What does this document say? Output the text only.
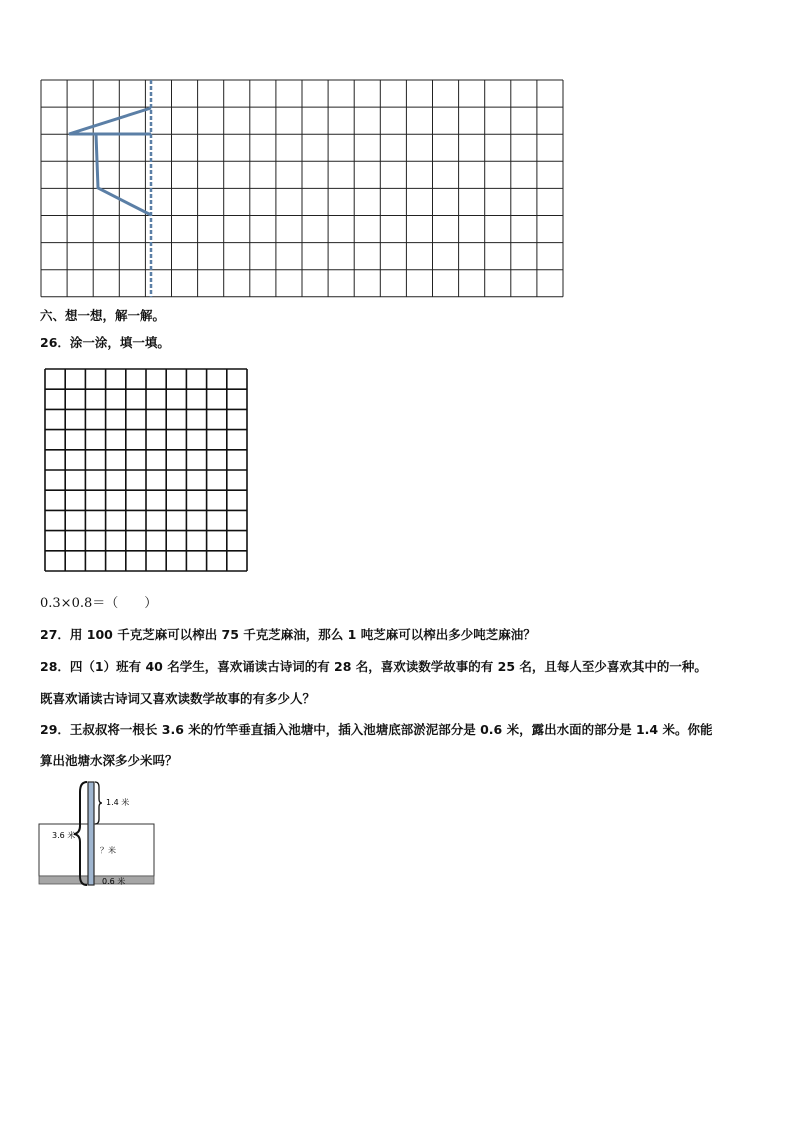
六、想一想，解一解。
26．涂一涂，填一填。
0.3×0.8＝（　　）
27．用 100 千克芝麻可以榨出 75 千克芝麻油，那么 1 吨芝麻可以榨出多少吨芝麻油？
28．四（1）班有 40 名学生，喜欢诵读古诗词的有 28 名，喜欢读数学故事的有 25 名，且每人至少喜欢其中的一种。
既喜欢诵读古诗词又喜欢读数学故事的有多少人？
29．王叔叔将一根长 3.6 米的竹竿垂直插入池塘中，插入池塘底部淤泥部分是 0.6 米，露出水面的部分是 1.4 米。你能
算出池塘水深多少米吗？
3.6 米
1.4 米
？米
0.6 米
